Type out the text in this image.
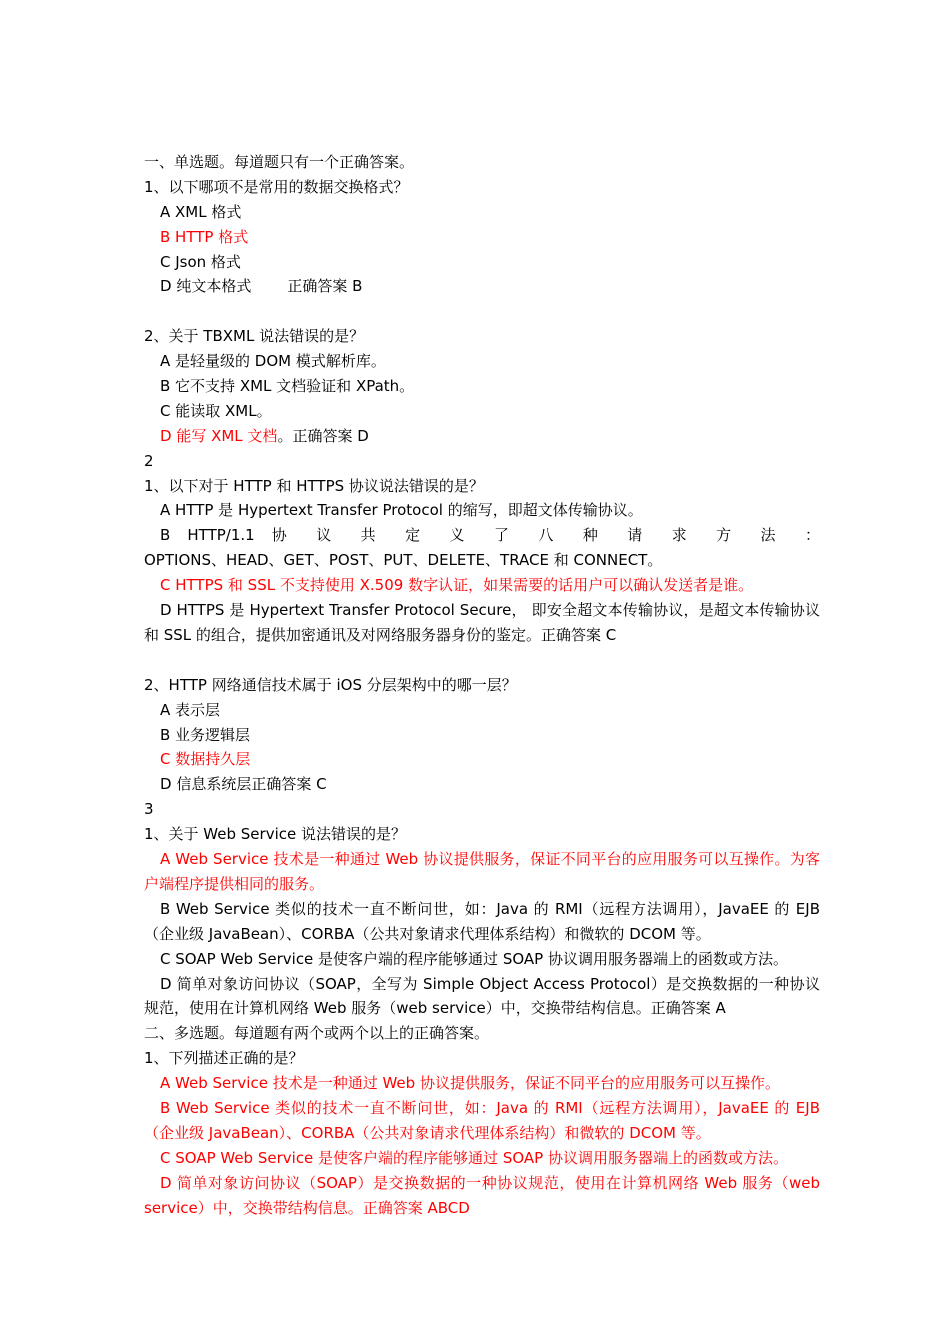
一、单选题。每道题只有一个正确答案。
1、以下哪项不是常用的数据交换格式？
A XML 格式
B HTTP 格式
C Json 格式
D 纯文本格式 正确答案 B
2、关于 TBXML 说法错误的是？
A 是轻量级的 DOM 模式解析库。
B 它不支持 XML 文档验证和 XPath。
C 能读取 XML。
D 能写 XML 文档。正确答案 D
2
1、以下对于 HTTP 和 HTTPS 协议说法错误的是？
A HTTP 是 Hypertext Transfer Protocol 的缩写，即超文体传输协议。
B HTTP/1.1 协 议 共 定 义 了 八 种 请 求 方 法 ：
OPTIONS、HEAD、GET、POST、PUT、DELETE、TRACE 和 CONNECT。
C HTTPS 和 SSL 不支持使用 X.509 数字认证，如果需要的话用户可以确认发送者是谁。
D HTTPS 是 Hypertext Transfer Protocol Secure， 即安全超文本传输协议，是超文本传输协议和 SSL 的组合，提供加密通讯及对网络服务器身份的鉴定。正确答案 C
2、HTTP 网络通信技术属于 iOS 分层架构中的哪一层？
A 表示层
B 业务逻辑层
C 数据持久层
D 信息系统层正确答案 C
3
1、关于 Web Service 说法错误的是？
A Web Service 技术是一种通过 Web 协议提供服务，保证不同平台的应用服务可以互操作。为客户端程序提供相同的服务。
B Web Service 类似的技术一直不断问世，如：Java 的 RMI（远程方法调用），JavaEE 的 EJB（企业级 JavaBean）、CORBA（公共对象请求代理体系结构）和微软的 DCOM 等。
C SOAP Web Service 是使客户端的程序能够通过 SOAP 协议调用服务器端上的函数或方法。
D 简单对象访问协议（SOAP，全写为 Simple Object Access Protocol）是交换数据的一种协议规范，使用在计算机网络 Web 服务（web service）中，交换带结构信息。正确答案 A
二、多选题。每道题有两个或两个以上的正确答案。
1、下列描述正确的是？
A Web Service 技术是一种通过 Web 协议提供服务，保证不同平台的应用服务可以互操作。
B Web Service 类似的技术一直不断问世，如：Java 的 RMI（远程方法调用），JavaEE 的 EJB（企业级 JavaBean）、CORBA（公共对象请求代理体系结构）和微软的 DCOM 等。
C SOAP Web Service 是使客户端的程序能够通过 SOAP 协议调用服务器端上的函数或方法。
D 简单对象访问协议（SOAP）是交换数据的一种协议规范，使用在计算机网络 Web 服务（web service）中，交换带结构信息。正确答案 ABCD
